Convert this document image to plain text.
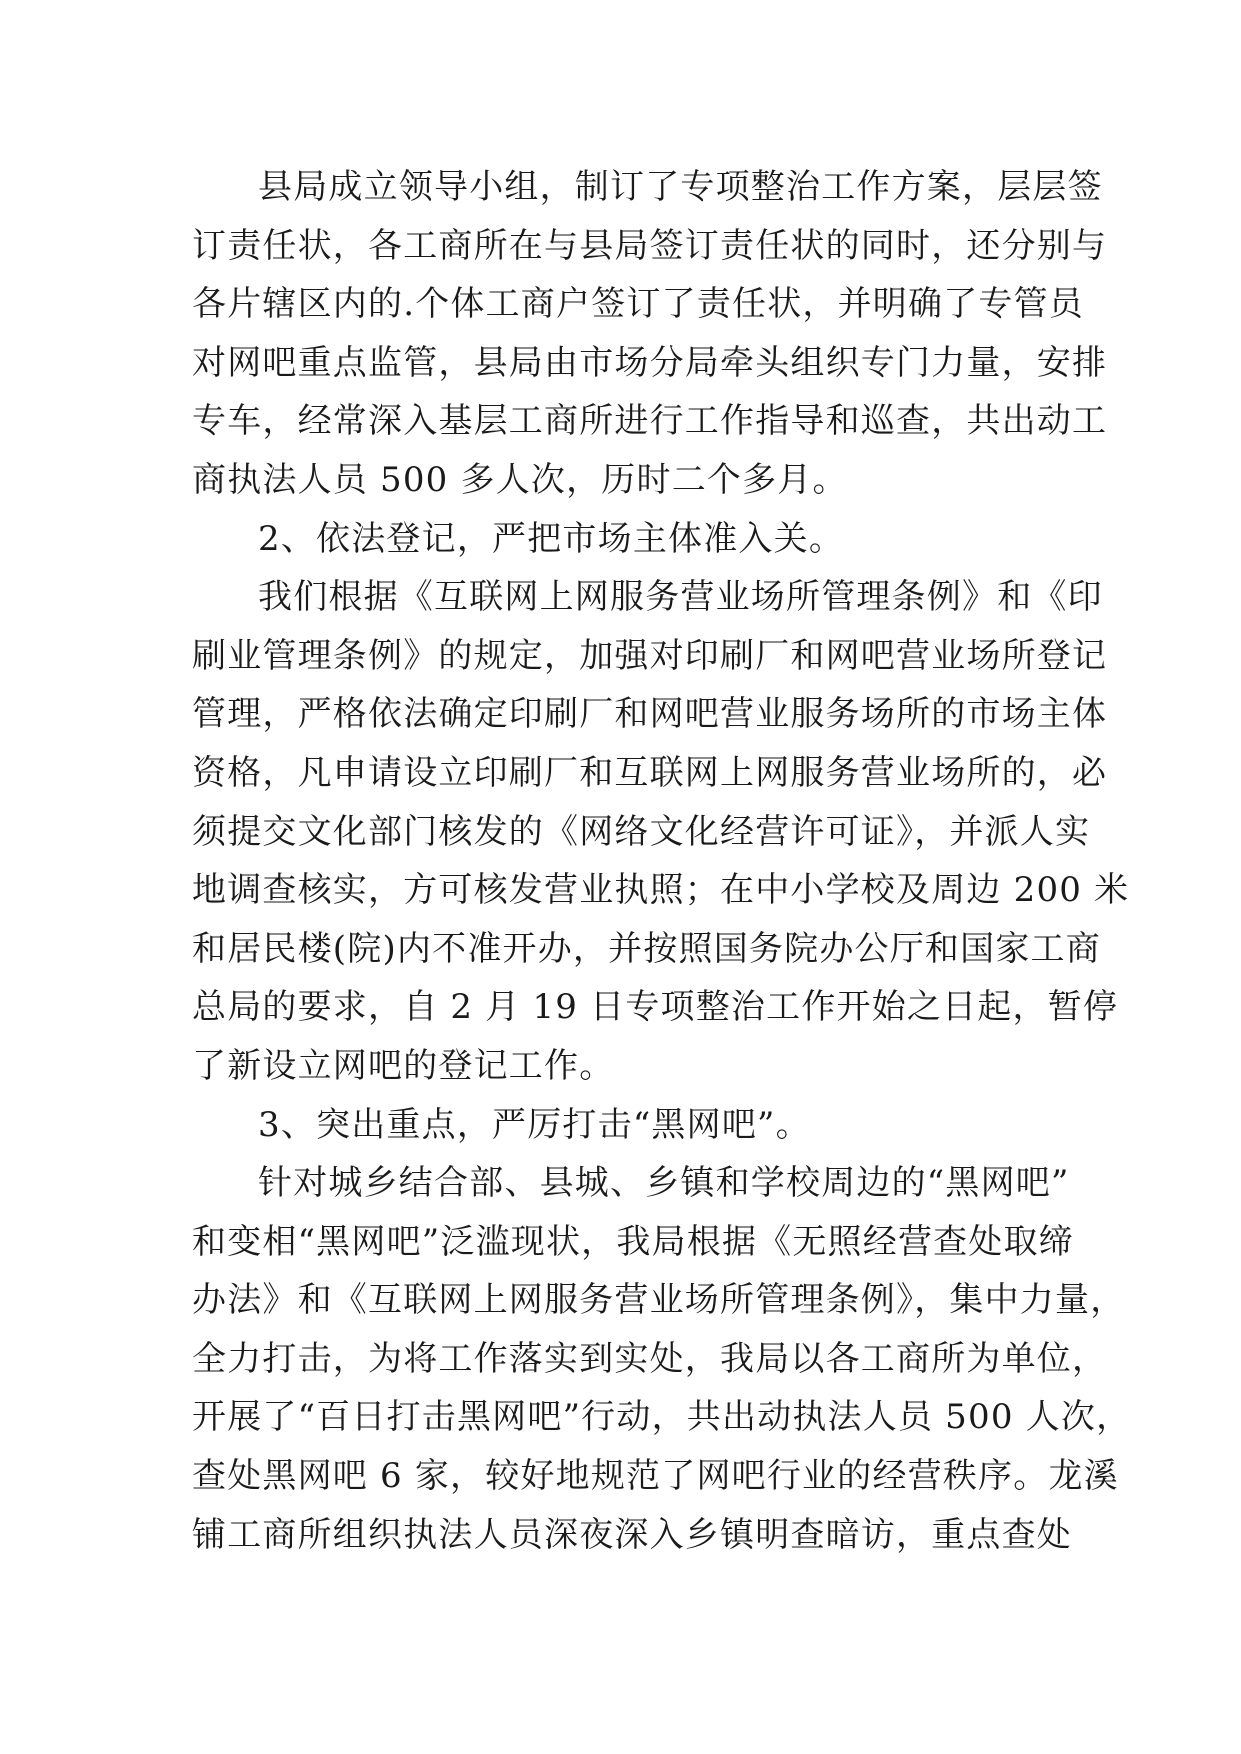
县局成立领导小组，制订了专项整治工作方案，层层签
订责任状，各工商所在与县局签订责任状的同时，还分别与
各片辖区内的.个体工商户签订了责任状，并明确了专管员
对网吧重点监管，县局由市场分局牵头组织专门力量，安排
专车，经常深入基层工商所进行工作指导和巡查，共出动工
商执法人员 500 多人次，历时二个多月。
2、依法登记，严把市场主体准入关。
我们根据《互联网上网服务营业场所管理条例》和《印
刷业管理条例》的规定，加强对印刷厂和网吧营业场所登记
管理，严格依法确定印刷厂和网吧营业服务场所的市场主体
资格，凡申请设立印刷厂和互联网上网服务营业场所的，必
须提交文化部门核发的《网络文化经营许可证》，并派人实
地调查核实，方可核发营业执照；在中小学校及周边 200 米
和居民楼(院)内不准开办，并按照国务院办公厅和国家工商
总局的要求，自 2 月 19 日专项整治工作开始之日起，暂停
了新设立网吧的登记工作。
3、突出重点，严厉打击“黑网吧”。
针对城乡结合部、县城、乡镇和学校周边的“黑网吧”
和变相“黑网吧”泛滥现状，我局根据《无照经营查处取缔
办法》和《互联网上网服务营业场所管理条例》，集中力量，
全力打击，为将工作落实到实处，我局以各工商所为单位，
开展了“百日打击黑网吧”行动，共出动执法人员 500 人次，
查处黑网吧 6 家，较好地规范了网吧行业的经营秩序。龙溪
铺工商所组织执法人员深夜深入乡镇明查暗访，重点查处
